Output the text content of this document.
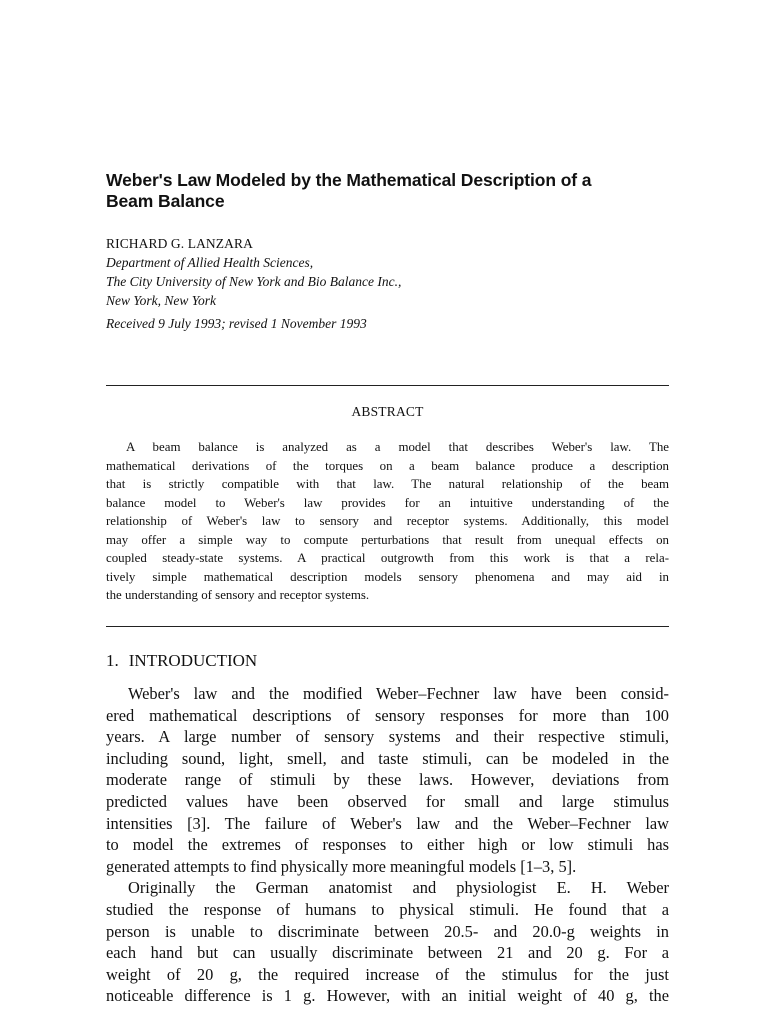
Weber's Law Modeled by the Mathematical Description of a
Beam Balance
RICHARD G. LANZARA
Department of Allied Health Sciences,
The City University of New York and Bio Balance Inc.,
New York, New York
Received 9 July 1993; revised 1 November 1993
ABSTRACT
A beam balance is analyzed as a model that describes Weber's law. The
mathematical derivations of the torques on a beam balance produce a description
that is strictly compatible with that law. The natural relationship of the beam
balance model to Weber's law provides for an intuitive understanding of the
relationship of Weber's law to sensory and receptor systems. Additionally, this model
may offer a simple way to compute perturbations that result from unequal effects on
coupled steady-state systems. A practical outgrowth from this work is that a rela-
tively simple mathematical description models sensory phenomena and may aid in
the understanding of sensory and receptor systems.
1. INTRODUCTION
Weber's law and the modified Weber–Fechner law have been consid-
ered mathematical descriptions of sensory responses for more than 100
years. A large number of sensory systems and their respective stimuli,
including sound, light, smell, and taste stimuli, can be modeled in the
moderate range of stimuli by these laws. However, deviations from
predicted values have been observed for small and large stimulus
intensities [3]. The failure of Weber's law and the Weber–Fechner law
to model the extremes of responses to either high or low stimuli has
generated attempts to find physically more meaningful models [1–3, 5].
Originally the German anatomist and physiologist E. H. Weber
studied the response of humans to physical stimuli. He found that a
person is unable to discriminate between 20.5- and 20.0-g weights in
each hand but can usually discriminate between 21 and 20 g. For a
weight of 20 g, the required increase of the stimulus for the just
noticeable difference is 1 g. However, with an initial weight of 40 g, the
